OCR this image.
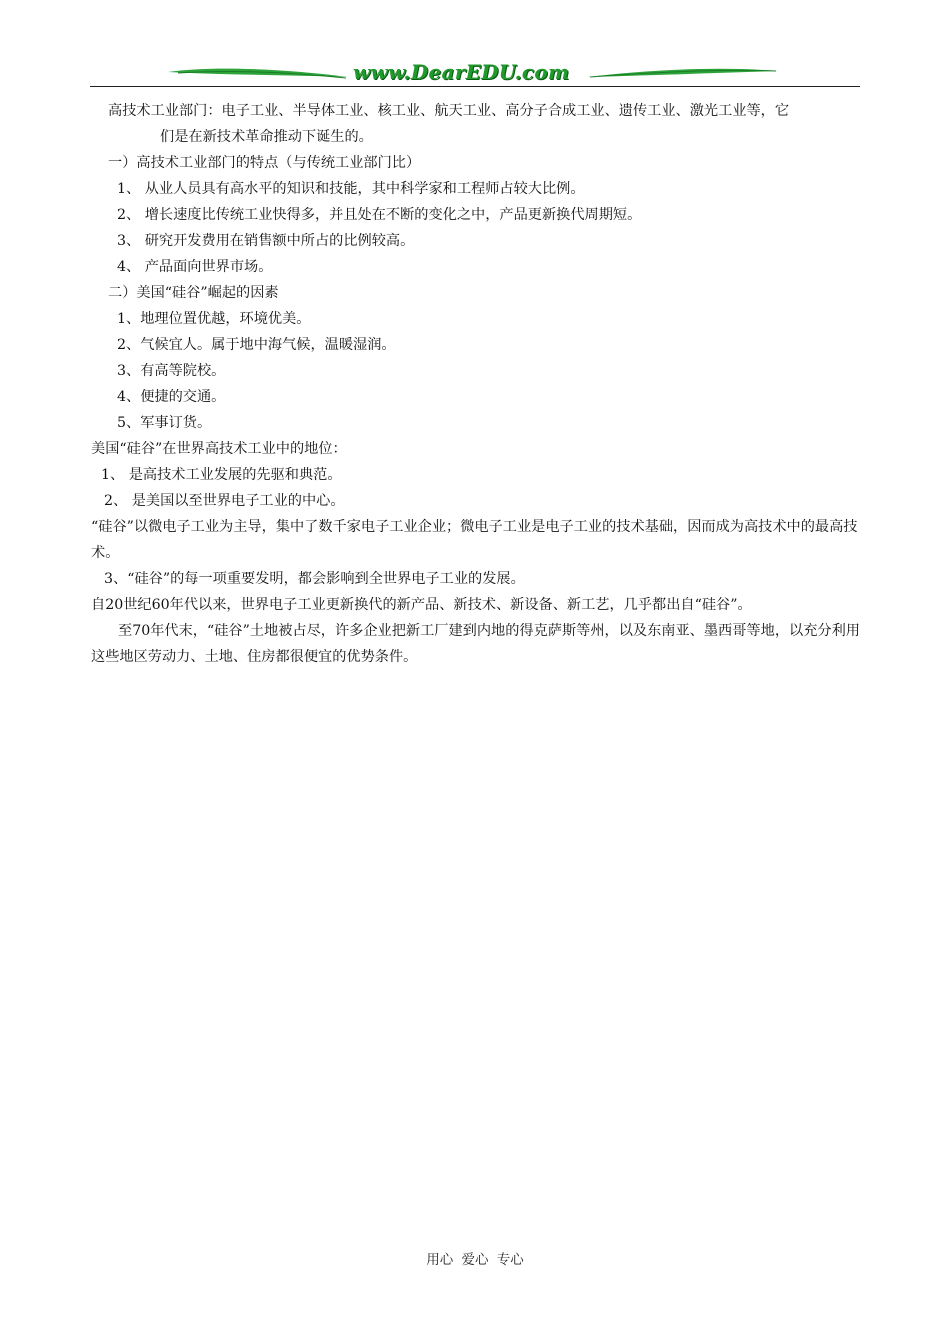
www.DearEDU.com

高技术工业部门：电子工业、半导体工业、核工业、航天工业、高分子合成工业、遗传工业、激光工业等，它
们是在新技术革命推动下诞生的。

一）高技术工业部门的特点（与传统工业部门比）

1、 从业人员具有高水平的知识和技能，其中科学家和工程师占较大比例。

2、 增长速度比传统工业快得多，并且处在不断的变化之中，产品更新换代周期短。

3、 研究开发费用在销售额中所占的比例较高。

4、 产品面向世界市场。

二）美国“硅谷”崛起的因素

1、地理位置优越，环境优美。

2、气候宜人。属于地中海气候，温暖湿润。

3、有高等院校。

4、便捷的交通。

5、军事订货。

美国“硅谷”在世界高技术工业中的地位：

1、 是高技术工业发展的先驱和典范。

2、 是美国以至世界电子工业的中心。

“硅谷”以微电子工业为主导，集中了数千家电子工业企业；微电子工业是电子工业的技术基础，因而成为高技术中的最高技术。

3、“硅谷”的每一项重要发明，都会影响到全世界电子工业的发展。

自20世纪60年代以来，世界电子工业更新换代的新产品、新技术、新设备、新工艺，几乎都出自“硅谷”。

至70年代末，“硅谷”土地被占尽，许多企业把新工厂建到内地的得克萨斯等州，以及东南亚、墨西哥等地，以充分利用这些地区劳动力、土地、住房都很便宜的优势条件。

用心 爱心 专心
